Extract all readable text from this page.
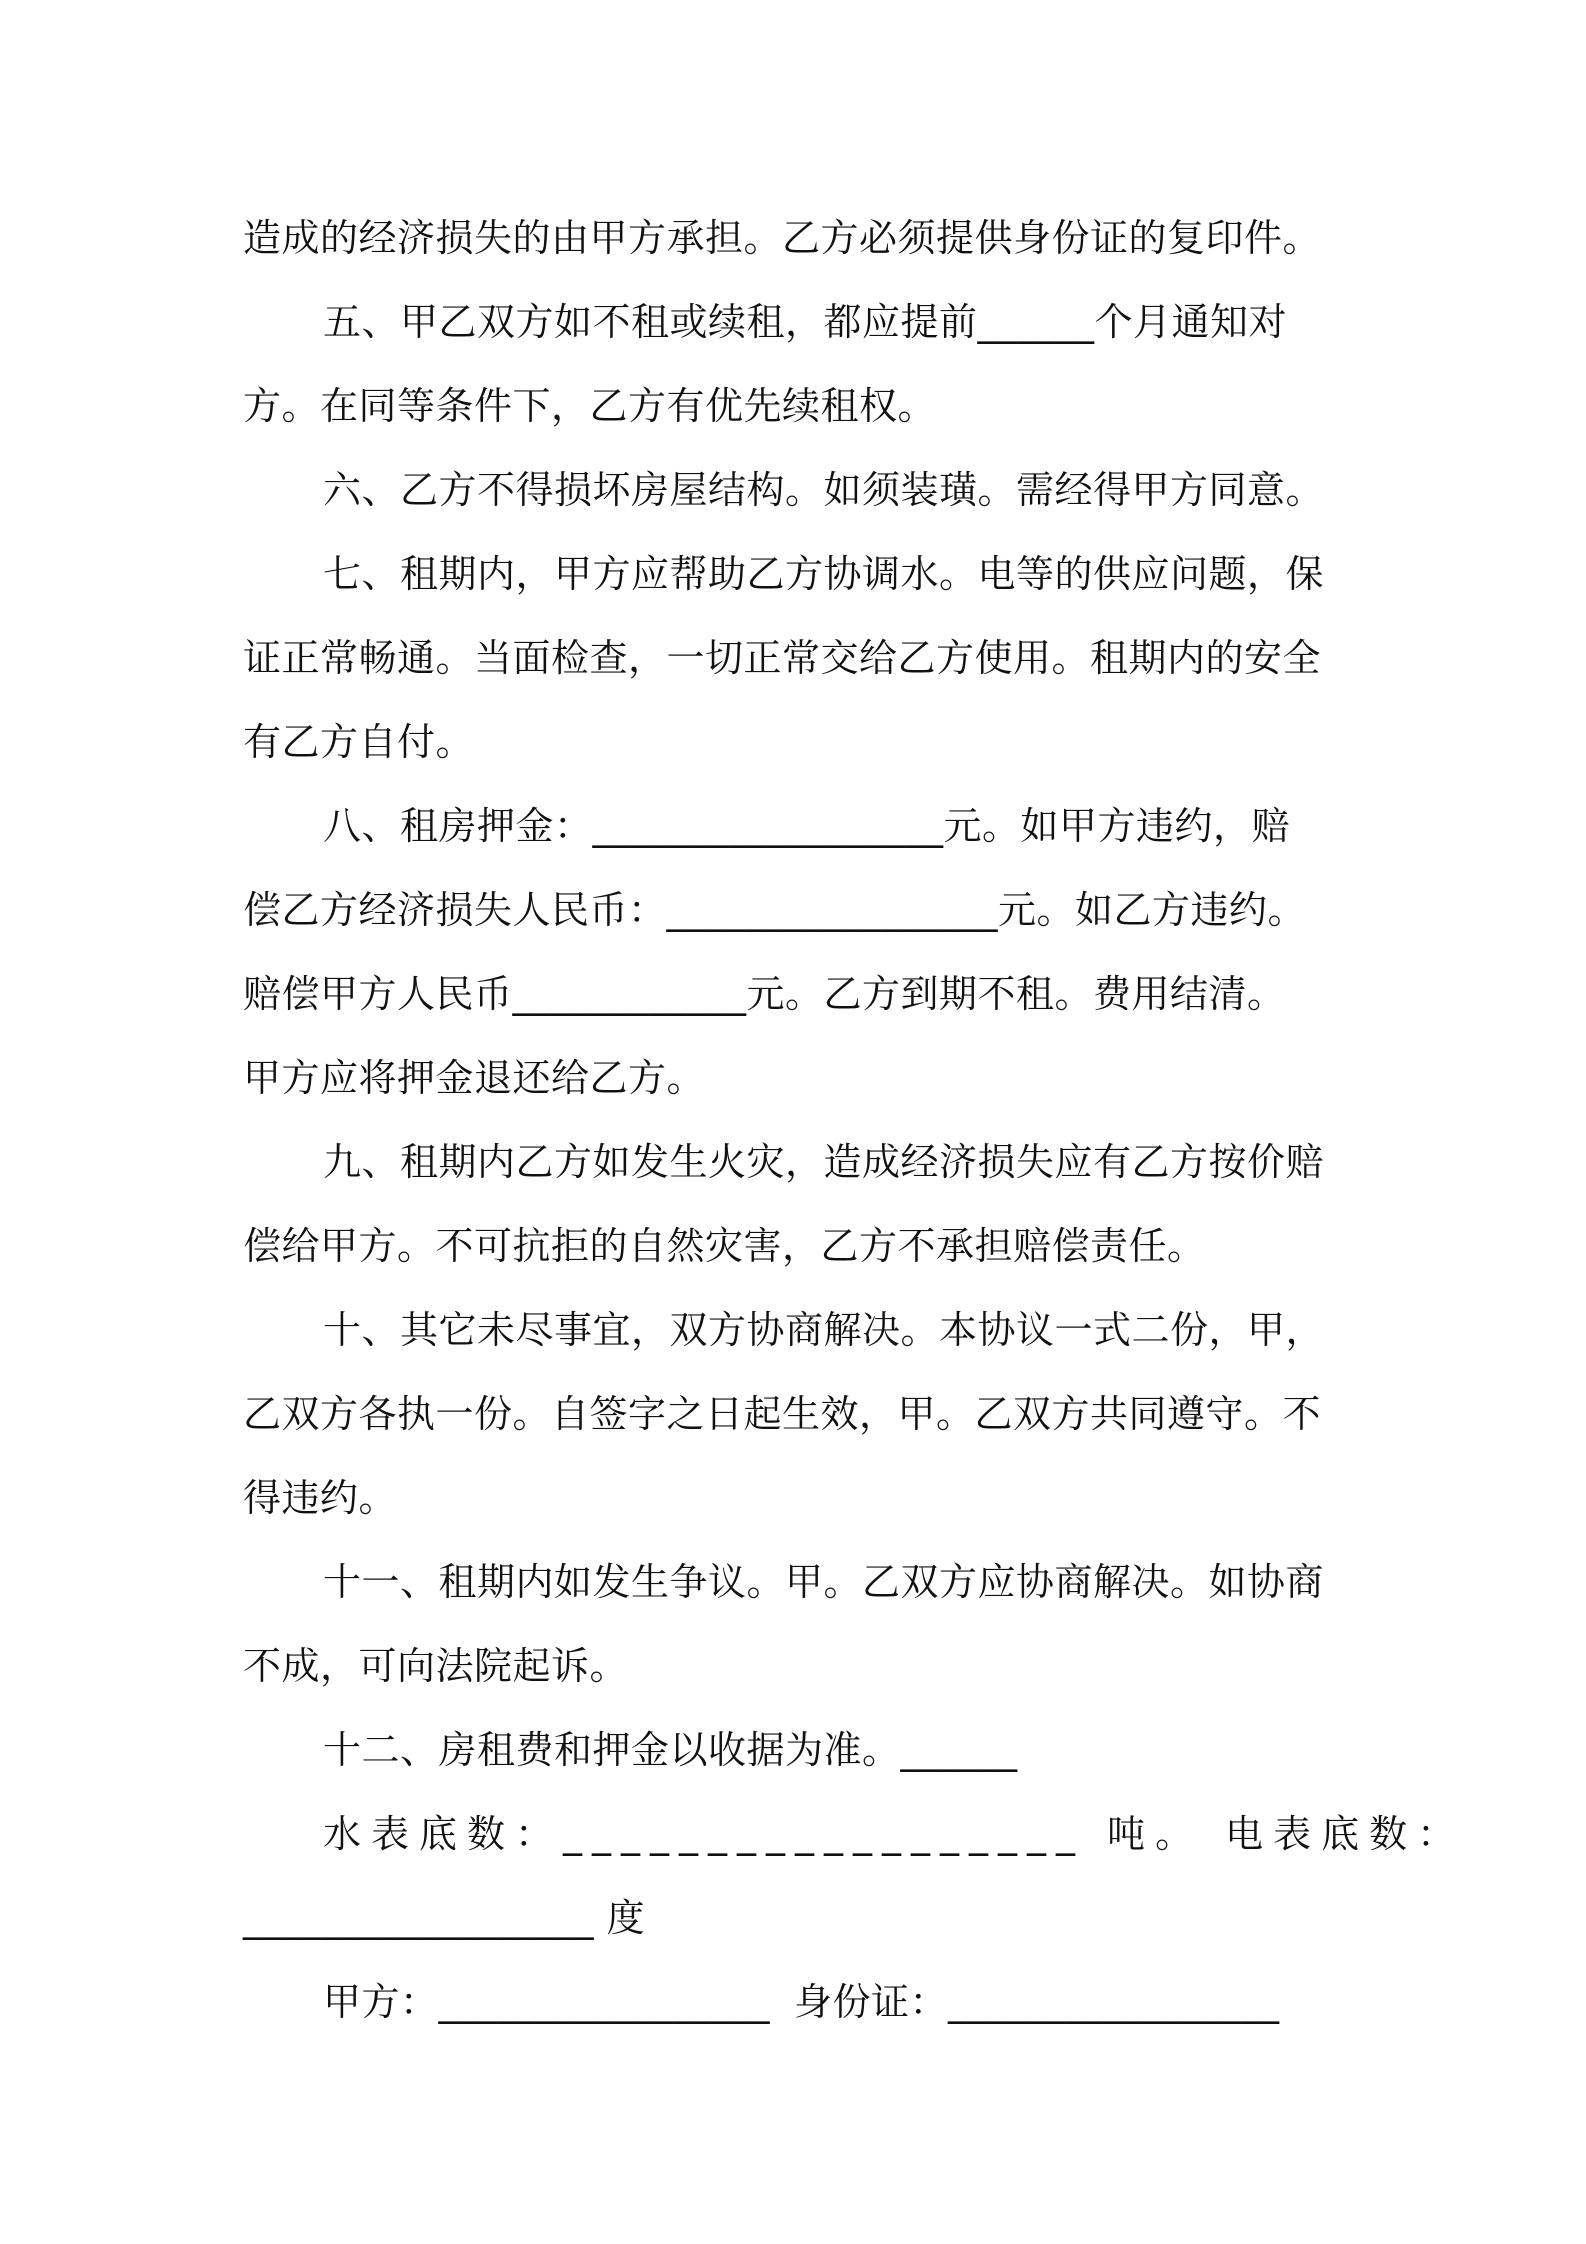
造成的经济损失的由甲方承担。乙方必须提供身份证的复印件。
五、甲乙双方如不租或续租，都应提前______个月通知对
方。在同等条件下，乙方有优先续租权。
六、乙方不得损坏房屋结构。如须装璜。需经得甲方同意。
七、租期内，甲方应帮助乙方协调水。电等的供应问题，保
证正常畅通。当面检查，一切正常交给乙方使用。租期内的安全
有乙方自付。
八、租房押金：__________________元。如甲方违约，赔
偿乙方经济损失人民币：_________________元。如乙方违约。
赔偿甲方人民币____________元。乙方到期不租。费用结清。
甲方应将押金退还给乙方。
九、租期内乙方如发生火灾，造成经济损失应有乙方按价赔
偿给甲方。不可抗拒的自然灾害，乙方不承担赔偿责任。
十、其它未尽事宜，双方协商解决。本协议一式二份，甲，
乙双方各执一份。自签字之日起生效，甲。乙双方共同遵守。不
得违约。
十一、租期内如发生争议。甲。乙双方应协商解决。如协商
不成，可向法院起诉。
十二、房租费和押金以收据为准。______
水表底数：__________________ 吨。 电表底数：
__________________ 度
甲方：_________________ 身份证：_________________
